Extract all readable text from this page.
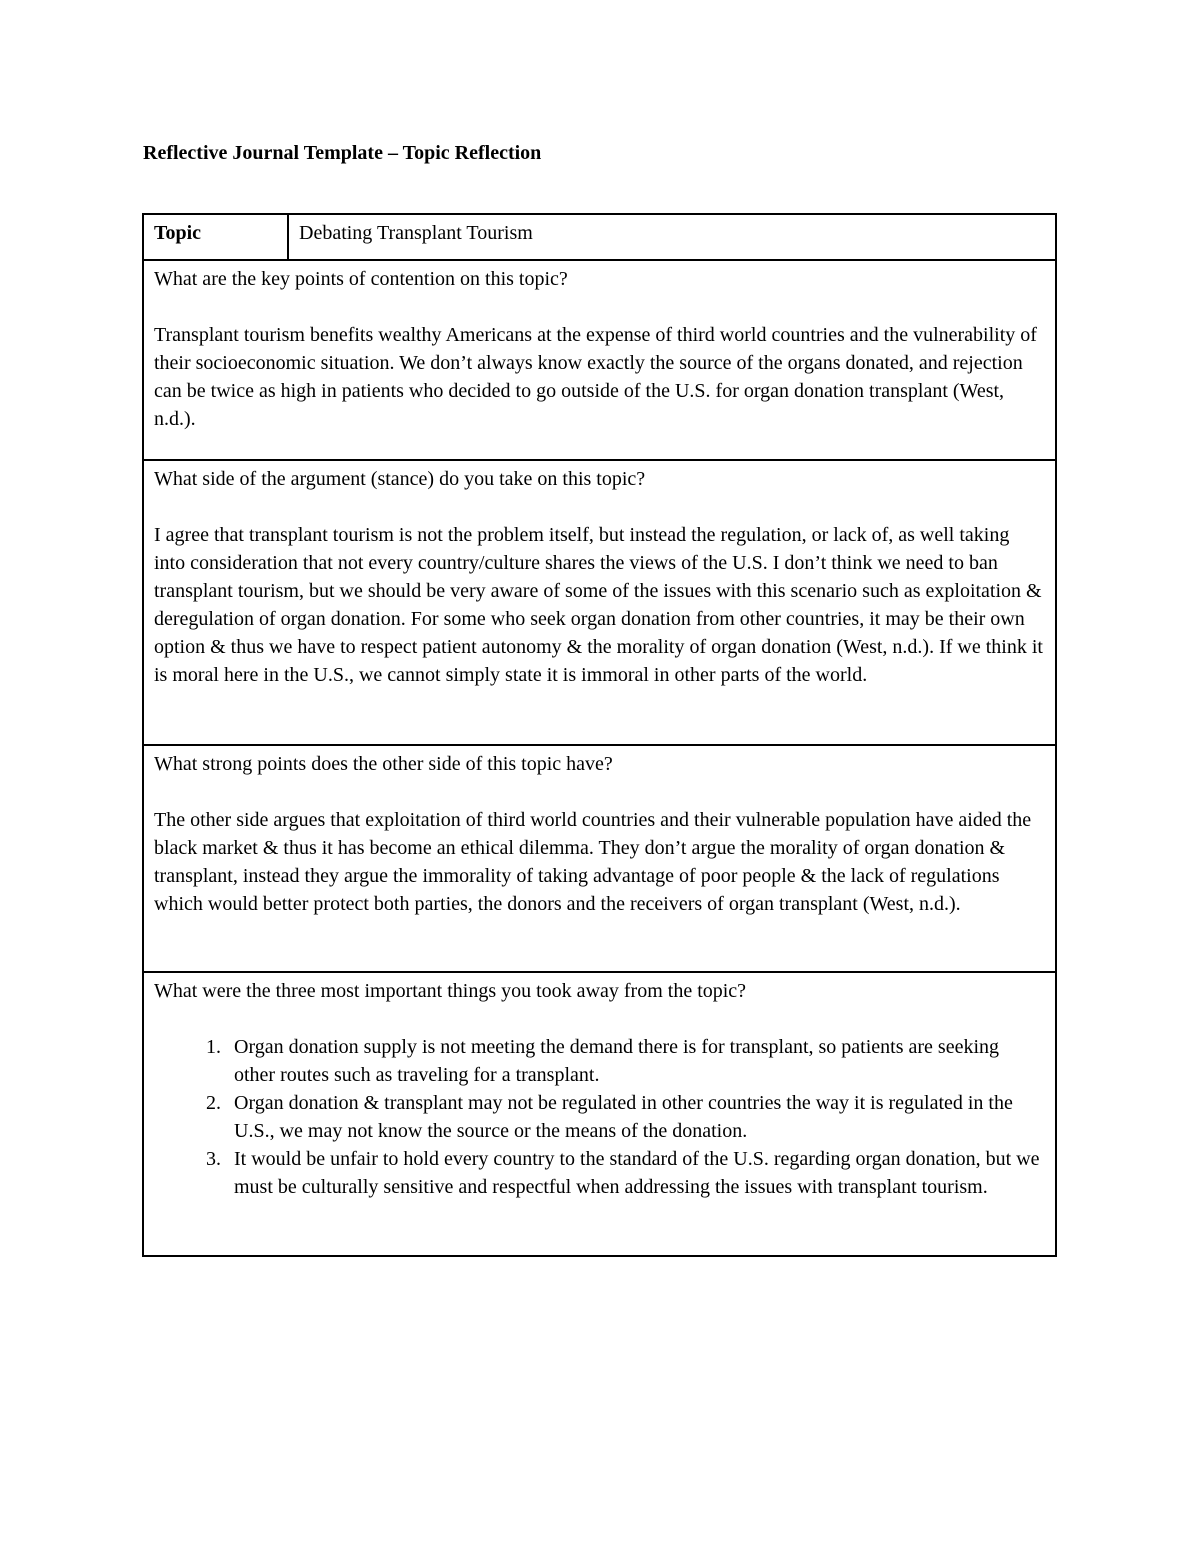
Reflective Journal Template – Topic Reflection
Topic	Debating Transplant Tourism

What are the key points of contention on this topic?

Transplant tourism benefits wealthy Americans at the expense of third world countries and the vulnerability of their socioeconomic situation. We don’t always know exactly the source of the organs donated, and rejection can be twice as high in patients who decided to go outside of the U.S. for organ donation transplant (West, n.d.).

What side of the argument (stance) do you take on this topic?

I agree that transplant tourism is not the problem itself, but instead the regulation, or lack of, as well taking into consideration that not every country/culture shares the views of the U.S. I don’t think we need to ban transplant tourism, but we should be very aware of some of the issues with this scenario such as exploitation & deregulation of organ donation. For some who seek organ donation from other countries, it may be their own option & thus we have to respect patient autonomy & the morality of organ donation (West, n.d.). If we think it is moral here in the U.S., we cannot simply state it is immoral in other parts of the world.

What strong points does the other side of this topic have?

The other side argues that exploitation of third world countries and their vulnerable population have aided the black market & thus it has become an ethical dilemma. They don’t argue the morality of organ donation & transplant, instead they argue the immorality of taking advantage of poor people & the lack of regulations which would better protect both parties, the donors and the receivers of organ transplant (West, n.d.).

What were the three most important things you took away from the topic?

1. Organ donation supply is not meeting the demand there is for transplant, so patients are seeking other routes such as traveling for a transplant.
2. Organ donation & transplant may not be regulated in other countries the way it is regulated in the U.S., we may not know the source or the means of the donation.
3. It would be unfair to hold every country to the standard of the U.S. regarding organ donation, but we must be culturally sensitive and respectful when addressing the issues with transplant tourism.
